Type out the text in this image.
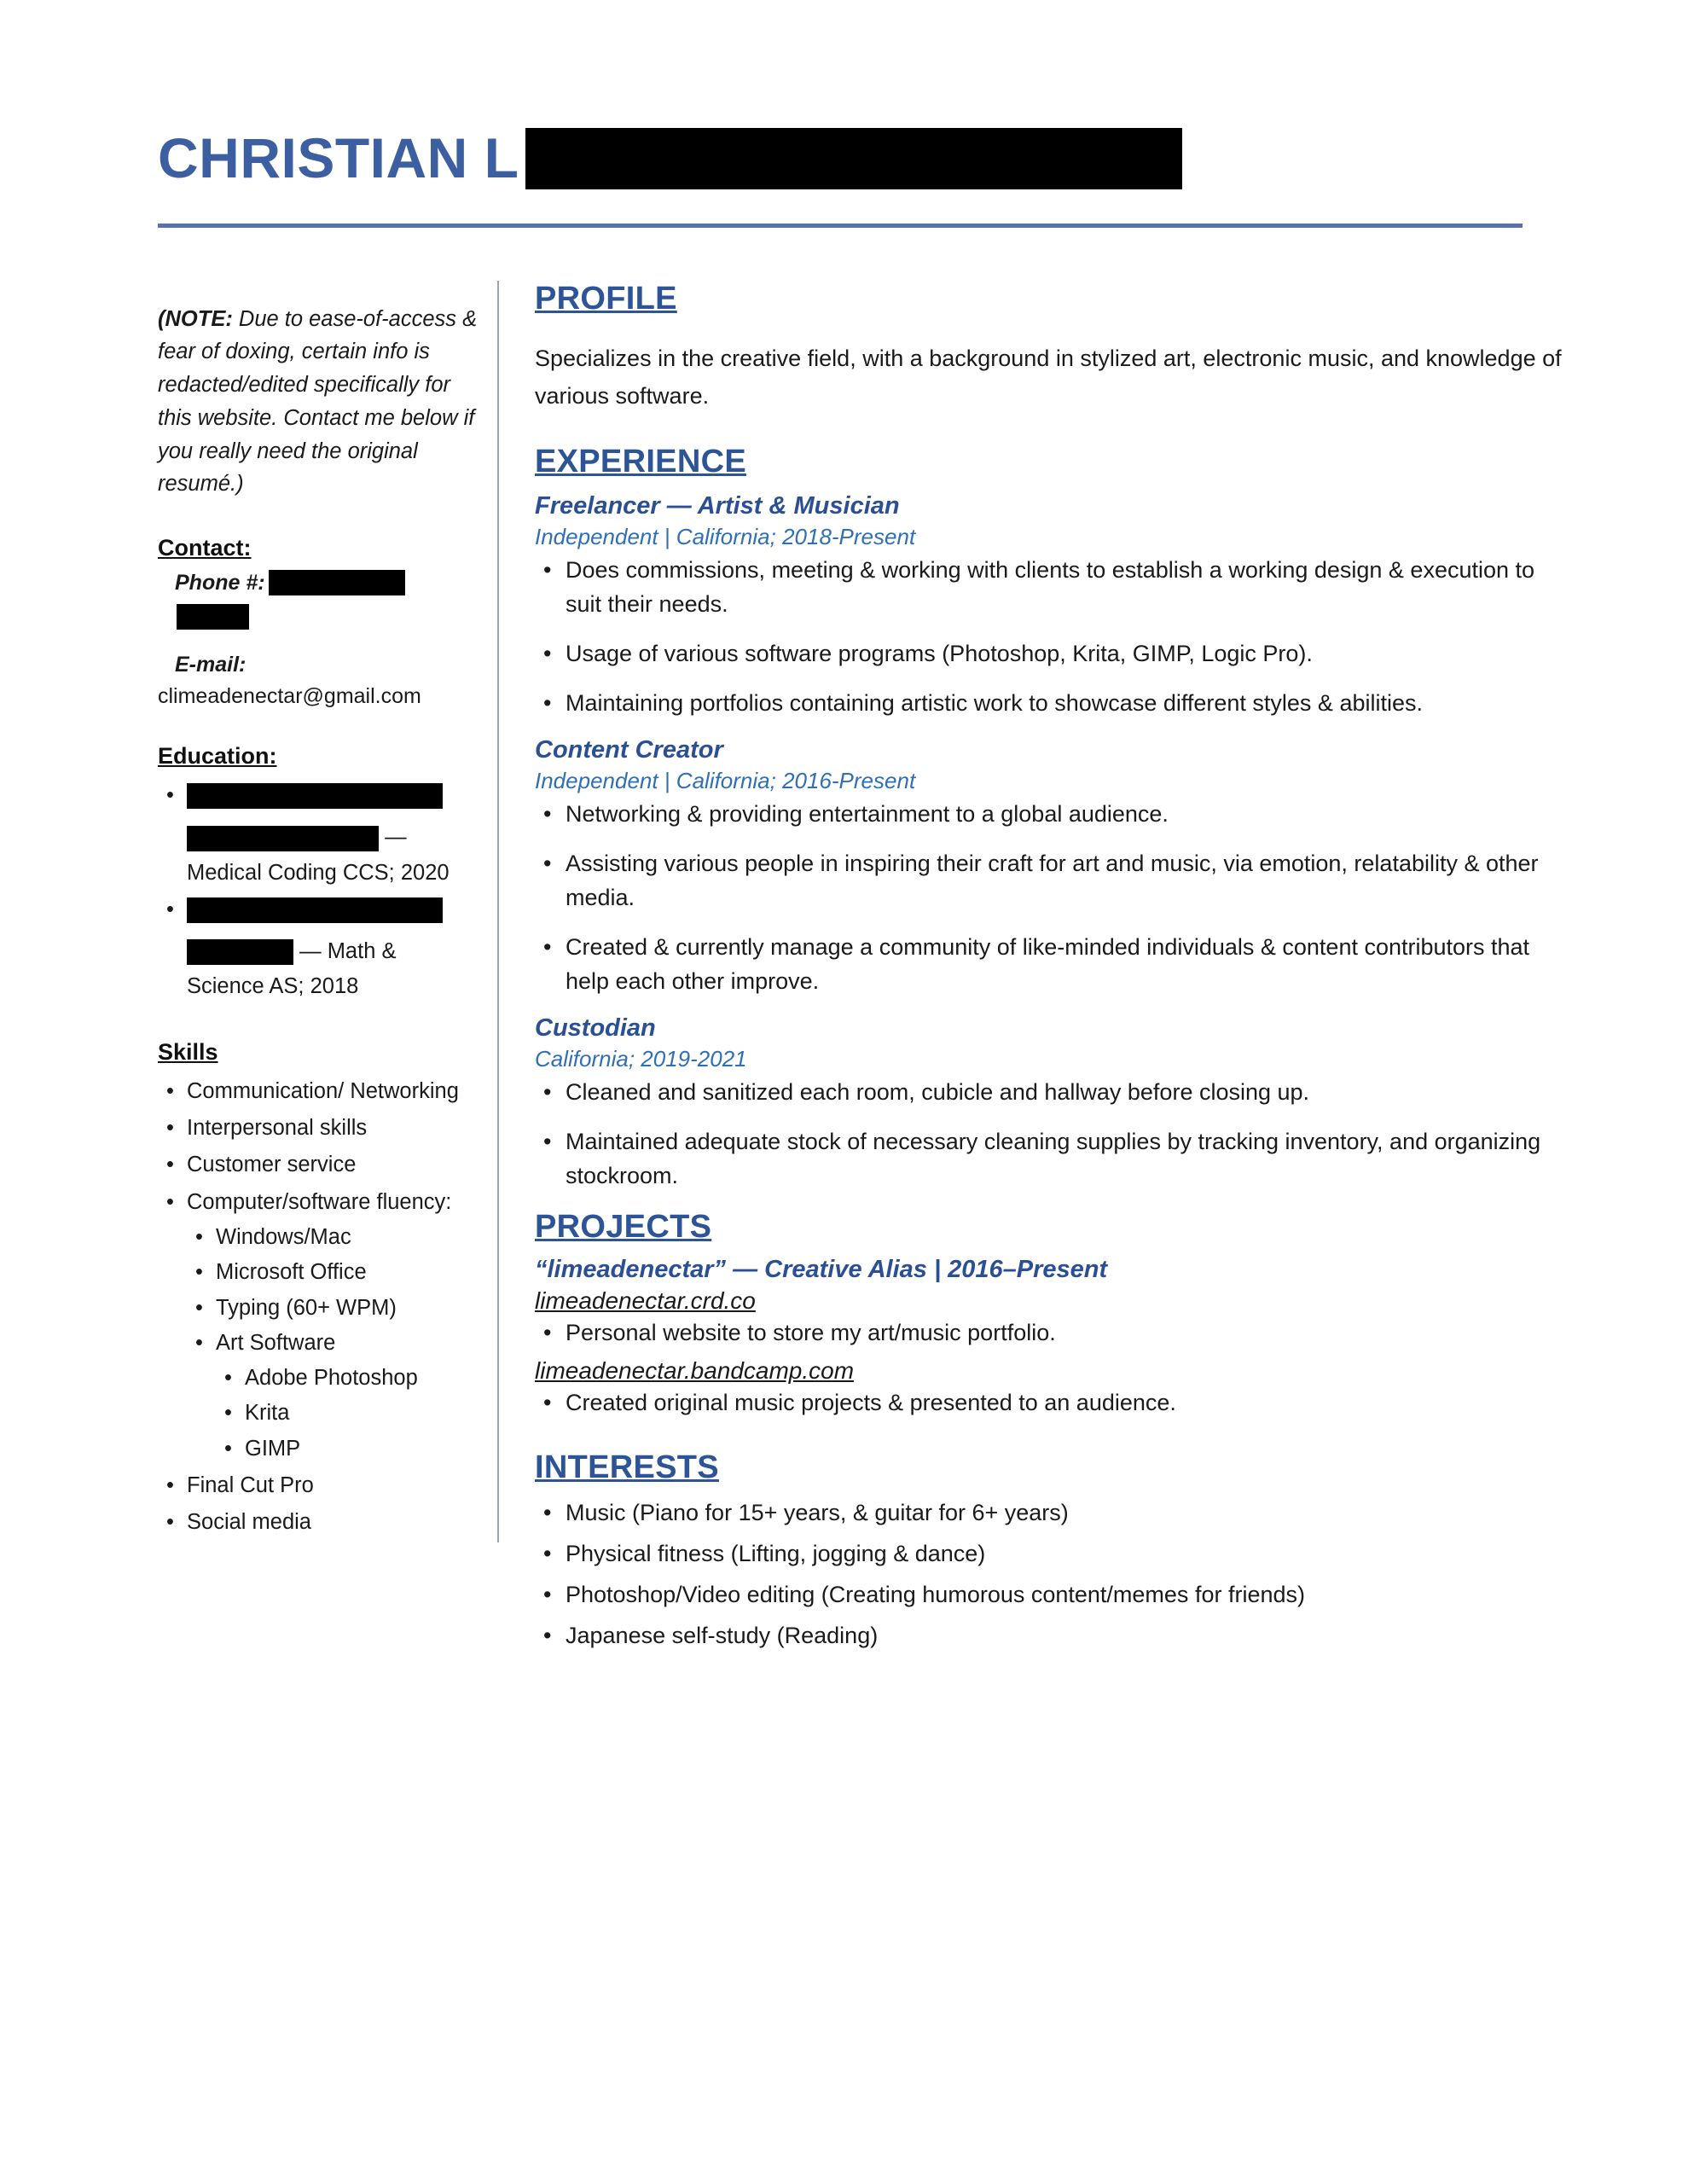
CHRISTIAN L

(NOTE: Due to ease-of-access & fear of doxing, certain info is redacted/edited specifically for this website. Contact me below if you really need the original resumé.)

Contact:
Phone #:
E-mail:
climeadenectar@gmail.com
Education:
• —
Medical Coding CCS; 2020
• — Math & Science AS; 2018
Skills
• Communication/ Networking
• Interpersonal skills
• Customer service
• Computer/software fluency:
• Windows/Mac
• Microsoft Office
• Typing (60+ WPM)
• Art Software
• Adobe Photoshop
• Krita
• GIMP
• Final Cut Pro
• Social media
PROFILE

Specializes in the creative field, with a background in stylized art, electronic music, and knowledge of various software.

EXPERIENCE
Freelancer — Artist & Musician
Independent | California; 2018-Present
• Does commissions, meeting & working with clients to establish a working design & execution to suit their needs.
• Usage of various software programs (Photoshop, Krita, GIMP, Logic Pro).
• Maintaining portfolios containing artistic work to showcase different styles & abilities.
Content Creator
Independent | California; 2016-Present
• Networking & providing entertainment to a global audience.
• Assisting various people in inspiring their craft for art and music, via emotion, relatability & other media.
• Created & currently manage a community of like-minded individuals & content contributors that help each other improve.
Custodian
California; 2019-2021
• Cleaned and sanitized each room, cubicle and hallway before closing up.
• Maintained adequate stock of necessary cleaning supplies by tracking inventory, and organizing stockroom.
PROJECTS
“limeadenectar” — Creative Alias | 2016–Present
limeadenectar.crd.co
• Personal website to store my art/music portfolio.
limeadenectar.bandcamp.com
• Created original music projects & presented to an audience.
INTERESTS
• Music (Piano for 15+ years, & guitar for 6+ years)
• Physical fitness (Lifting, jogging & dance)
• Photoshop/Video editing (Creating humorous content/memes for friends)
• Japanese self-study (Reading)
